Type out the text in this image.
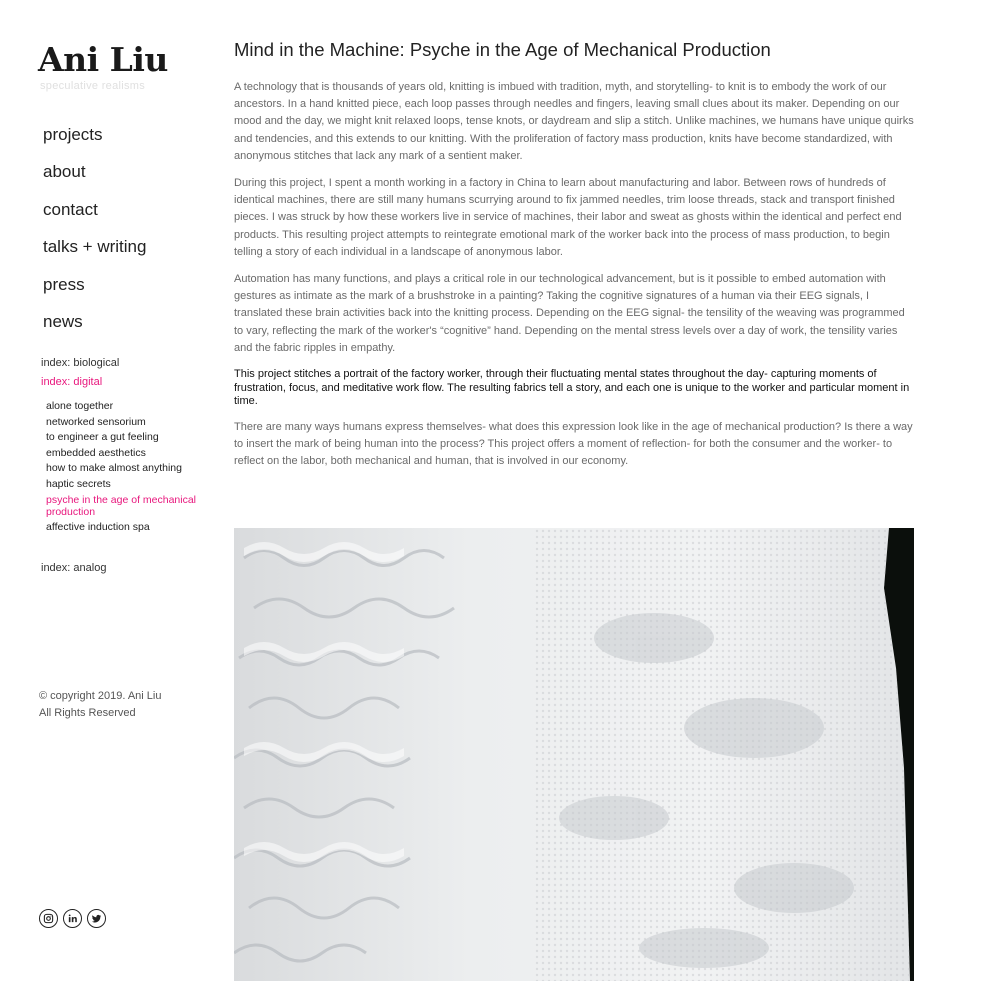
Ani Liu
speculative realisms
projects
about
contact
talks + writing
press
news
index: biological
index: digital
alone together
networked sensorium
to engineer a gut feeling
embedded aesthetics
how to make almost anything
haptic secrets
psyche in the age of mechanical production
affective induction spa
index: analog
© copyright 2019. Ani Liu
All Rights Reserved
Mind in the Machine: Psyche in the Age of Mechanical Production

A technology that is thousands of years old, knitting is imbued with tradition, myth, and storytelling- to knit is to embody the work of our ancestors. In a hand knitted piece, each loop passes through needles and fingers, leaving small clues about its maker. Depending on our mood and the day, we might knit relaxed loops, tense knots, or daydream and slip a stitch. Unlike machines, we humans have unique quirks and tendencies, and this extends to our knitting. With the proliferation of factory mass production, knits have become standardized, with anonymous stitches that lack any mark of a sentient maker.

During this project, I spent a month working in a factory in China to learn about manufacturing and labor. Between rows of hundreds of identical machines, there are still many humans scurrying around to fix jammed needles, trim loose threads, stack and transport finished pieces. I was struck by how these workers live in service of machines, their labor and sweat as ghosts within the identical and perfect end products. This resulting project attempts to reintegrate emotional mark of the worker back into the process of mass production, to begin telling a story of each individual in a landscape of anonymous labor.

Automation has many functions, and plays a critical role in our technological advancement, but is it possible to embed automation with gestures as intimate as the mark of a brushstroke in a painting? Taking the cognitive signatures of a human via their EEG signals, I translated these brain activities back into the knitting process. Depending on the EEG signal- the tensility of the weaving was programmed to vary, reflecting the mark of the worker's “cognitive” hand. Depending on the mental stress levels over a day of work, the tensility varies and the fabric ripples in empathy.

This project stitches a portrait of the factory worker, through their fluctuating mental states throughout the day- capturing moments of frustration, focus, and meditative work flow. The resulting fabrics tell a story, and each one is unique to the worker and particular moment in time.

There are many ways humans express themselves- what does this expression look like in the age of mechanical production? Is there a way to insert the mark of being human into the process? This project offers a moment of reflection- for both the consumer and the worker- to reflect on the labor, both mechanical and human, that is involved in our economy.
